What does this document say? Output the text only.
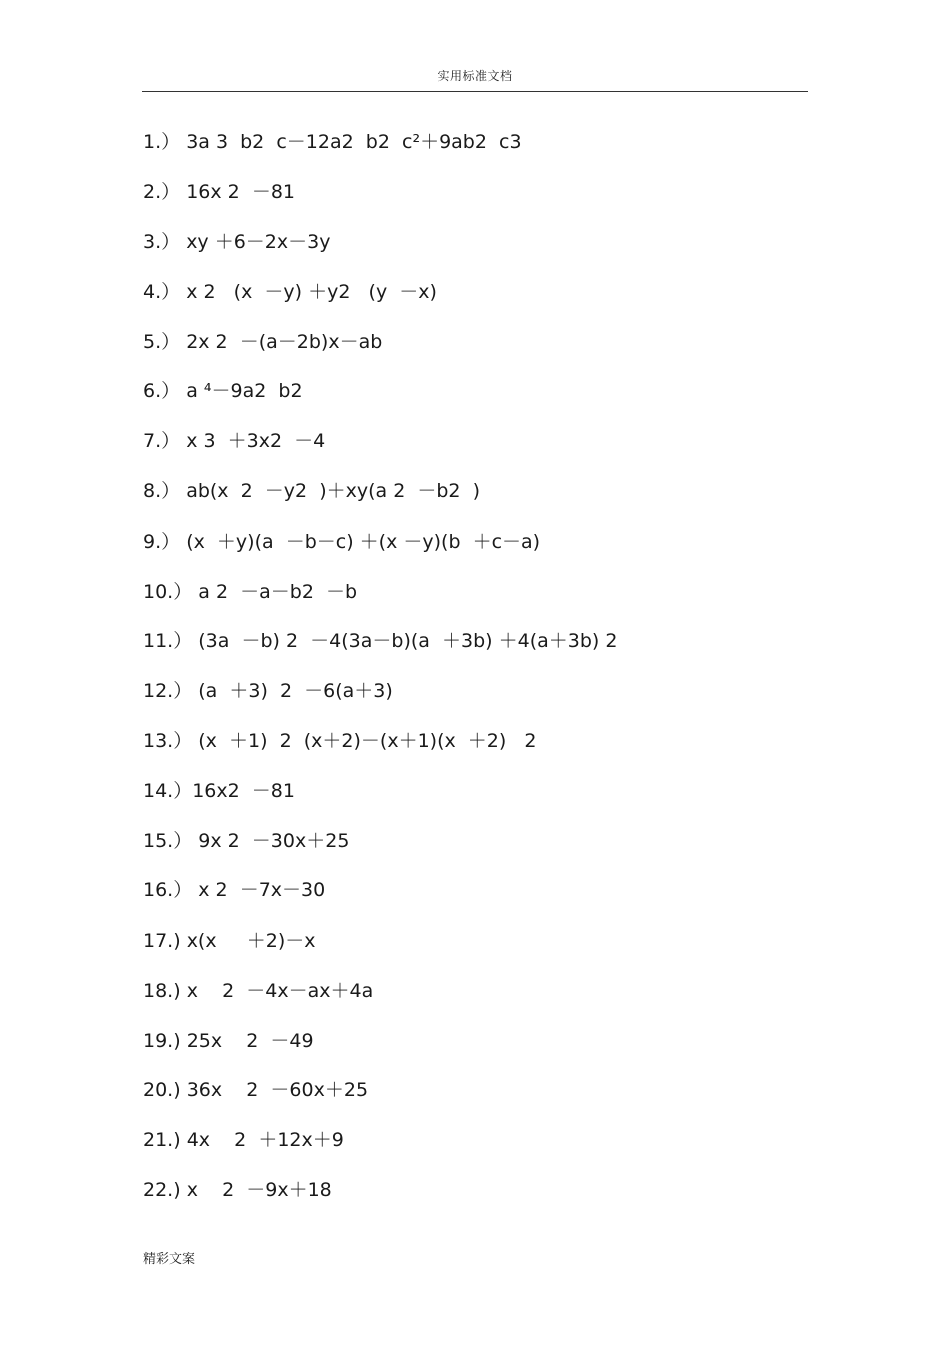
实用标准文档
1.） 3a 3  b2  c－12a2  b2  c²＋9ab2  c3
2.） 16x 2  －81
3.） xy ＋6－2x－3y
4.） x 2   (x  －y) ＋y2   (y  －x)
5.） 2x 2  －(a－2b)x－ab
6.） a ⁴－9a2  b2
7.） x 3  ＋3x2  －4
8.） ab(x  2  －y2  )＋xy(a 2  －b2  )
9.） (x  ＋y)(a  －b－c) ＋(x －y)(b  ＋c－a)
10.） a 2  －a－b2  －b
11.） (3a  －b) 2  －4(3a－b)(a  ＋3b) ＋4(a＋3b) 2
12.） (a  ＋3)  2  －6(a＋3)
13.） (x  ＋1)  2  (x＋2)－(x＋1)(x  ＋2)   2
14.）16x2  －81
15.） 9x 2  －30x＋25
16.） x 2  －7x－30
17.) x(x     ＋2)－x
18.) x    2  －4x－ax＋4a
19.) 25x    2  －49
20.) 36x    2  －60x＋25
21.) 4x    2  ＋12x＋9
22.) x    2  －9x＋18
精彩文案
